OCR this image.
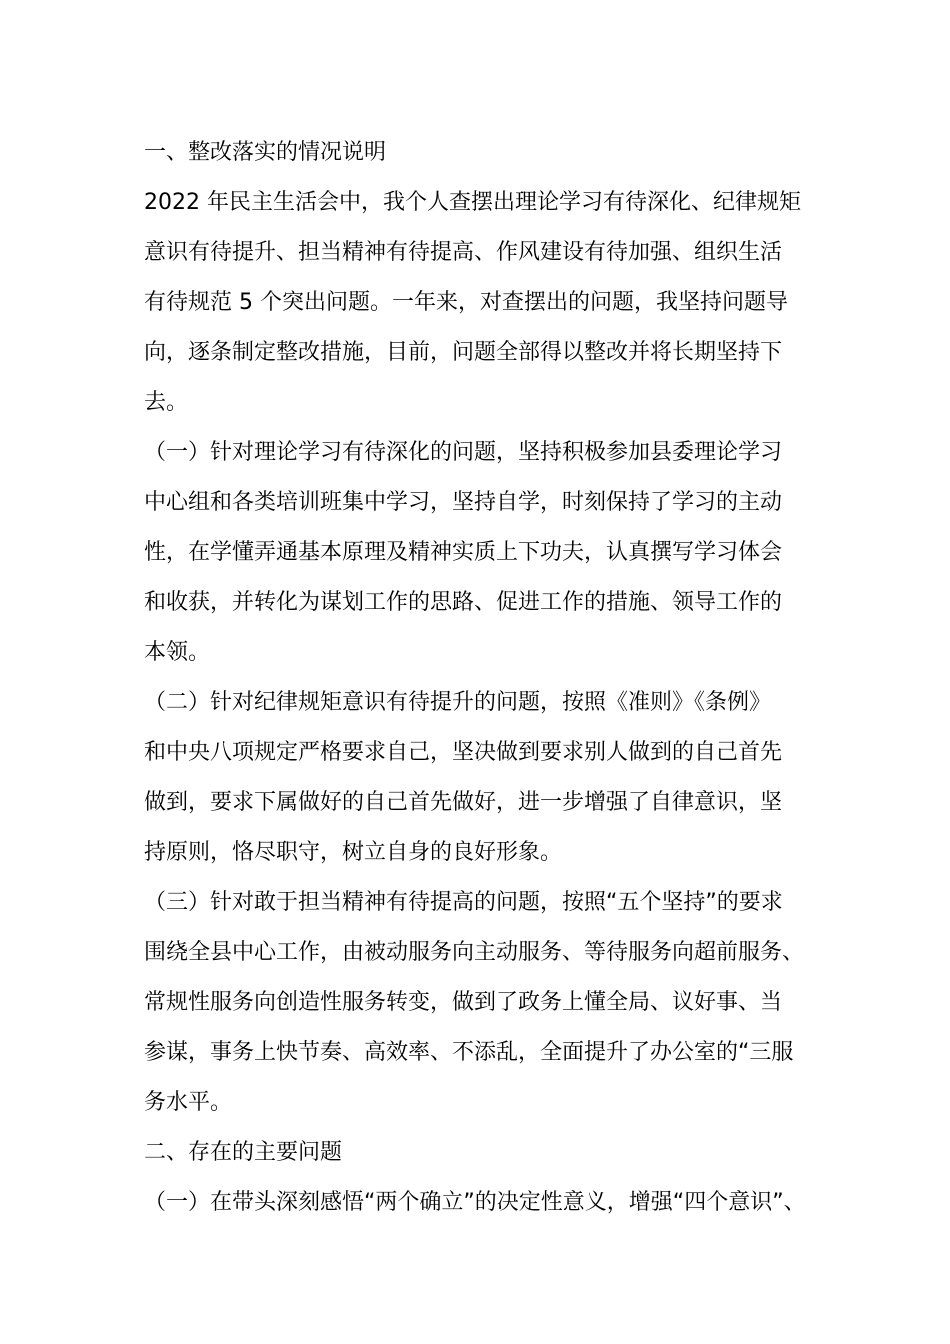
一、整改落实的情况说明
2022 年民主生活会中，我个人查摆出理论学习有待深化、纪律规矩
意识有待提升、担当精神有待提高、作风建设有待加强、组织生活
有待规范 5 个突出问题。一年来，对查摆出的问题，我坚持问题导
向，逐条制定整改措施，目前，问题全部得以整改并将长期坚持下
去。
（一）针对理论学习有待深化的问题，坚持积极参加县委理论学习
中心组和各类培训班集中学习，坚持自学，时刻保持了学习的主动
性，在学懂弄通基本原理及精神实质上下功夫，认真撰写学习体会
和收获，并转化为谋划工作的思路、促进工作的措施、领导工作的
本领。
（二）针对纪律规矩意识有待提升的问题，按照《准则》《条例》
和中央八项规定严格要求自己，坚决做到要求别人做到的自己首先
做到，要求下属做好的自己首先做好，进一步增强了自律意识，坚
持原则，恪尽职守，树立自身的良好形象。
（三）针对敢于担当精神有待提高的问题，按照“五个坚持”的要求
围绕全县中心工作，由被动服务向主动服务、等待服务向超前服务、
常规性服务向创造性服务转变，做到了政务上懂全局、议好事、当
参谋，事务上快节奏、高效率、不添乱，全面提升了办公室的“三服
务水平。
二、存在的主要问题
（一）在带头深刻感悟“两个确立”的决定性意义，增强“四个意识”、
